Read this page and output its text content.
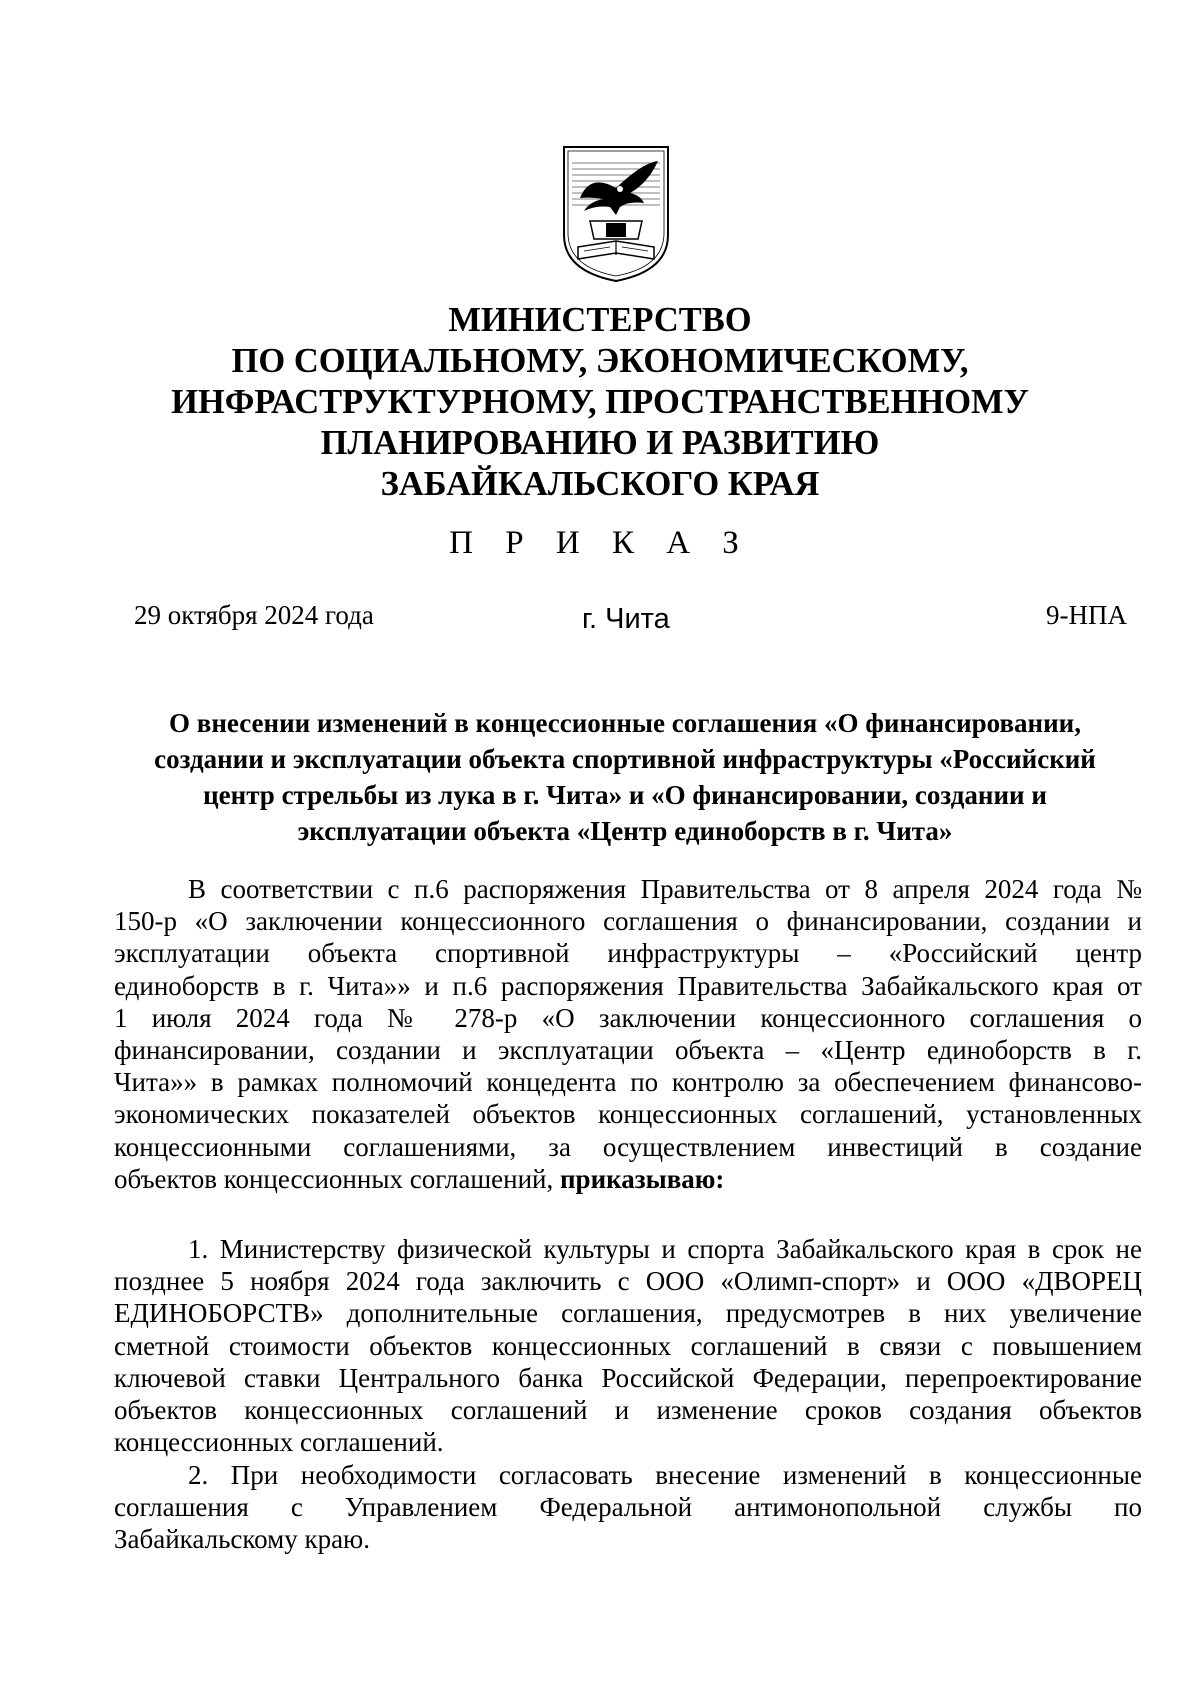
МИНИСТЕРСТВО
ПО СОЦИАЛЬНОМУ, ЭКОНОМИЧЕСКОМУ,
ИНФРАСТРУКТУРНОМУ, ПРОСТРАНСТВЕННОМУ
ПЛАНИРОВАНИЮ И РАЗВИТИЮ
ЗАБАЙКАЛЬСКОГО КРАЯ
П Р И К А З
29 октября 2024 года	г. Чита	9-НПА
О внесении изменений в концессионные соглашения «О финансировании,
создании и эксплуатации объекта спортивной инфраструктуры «Российский
центр стрельбы из лука в г. Чита» и «О финансировании, создании и
эксплуатации объекта «Центр единоборств в г. Чита»
В соответствии с п.6 распоряжения Правительства от 8 апреля 2024 года №
150-р «О заключении концессионного соглашения о финансировании, создании и
эксплуатации объекта спортивной инфраструктуры – «Российский центр
единоборств в г. Чита»» и п.6 распоряжения Правительства Забайкальского края от
1 июля 2024 года № 278-р «О заключении концессионного соглашения о
финансировании, создании и эксплуатации объекта – «Центр единоборств в г.
Чита»» в рамках полномочий концедента по контролю за обеспечением финансово-
экономических показателей объектов концессионных соглашений, установленных
концессионными соглашениями, за осуществлением инвестиций в создание
объектов концессионных соглашений, приказываю:
1. Министерству физической культуры и спорта Забайкальского края в срок не
позднее 5 ноября 2024 года заключить с ООО «Олимп-спорт» и ООО «ДВОРЕЦ
ЕДИНОБОРСТВ» дополнительные соглашения, предусмотрев в них увеличение
сметной стоимости объектов концессионных соглашений в связи с повышением
ключевой ставки Центрального банка Российской Федерации, перепроектирование
объектов концессионных соглашений и изменение сроков создания объектов
концессионных соглашений.
2. При необходимости согласовать внесение изменений в концессионные
соглашения с Управлением Федеральной антимонопольной службы по
Забайкальскому краю.
